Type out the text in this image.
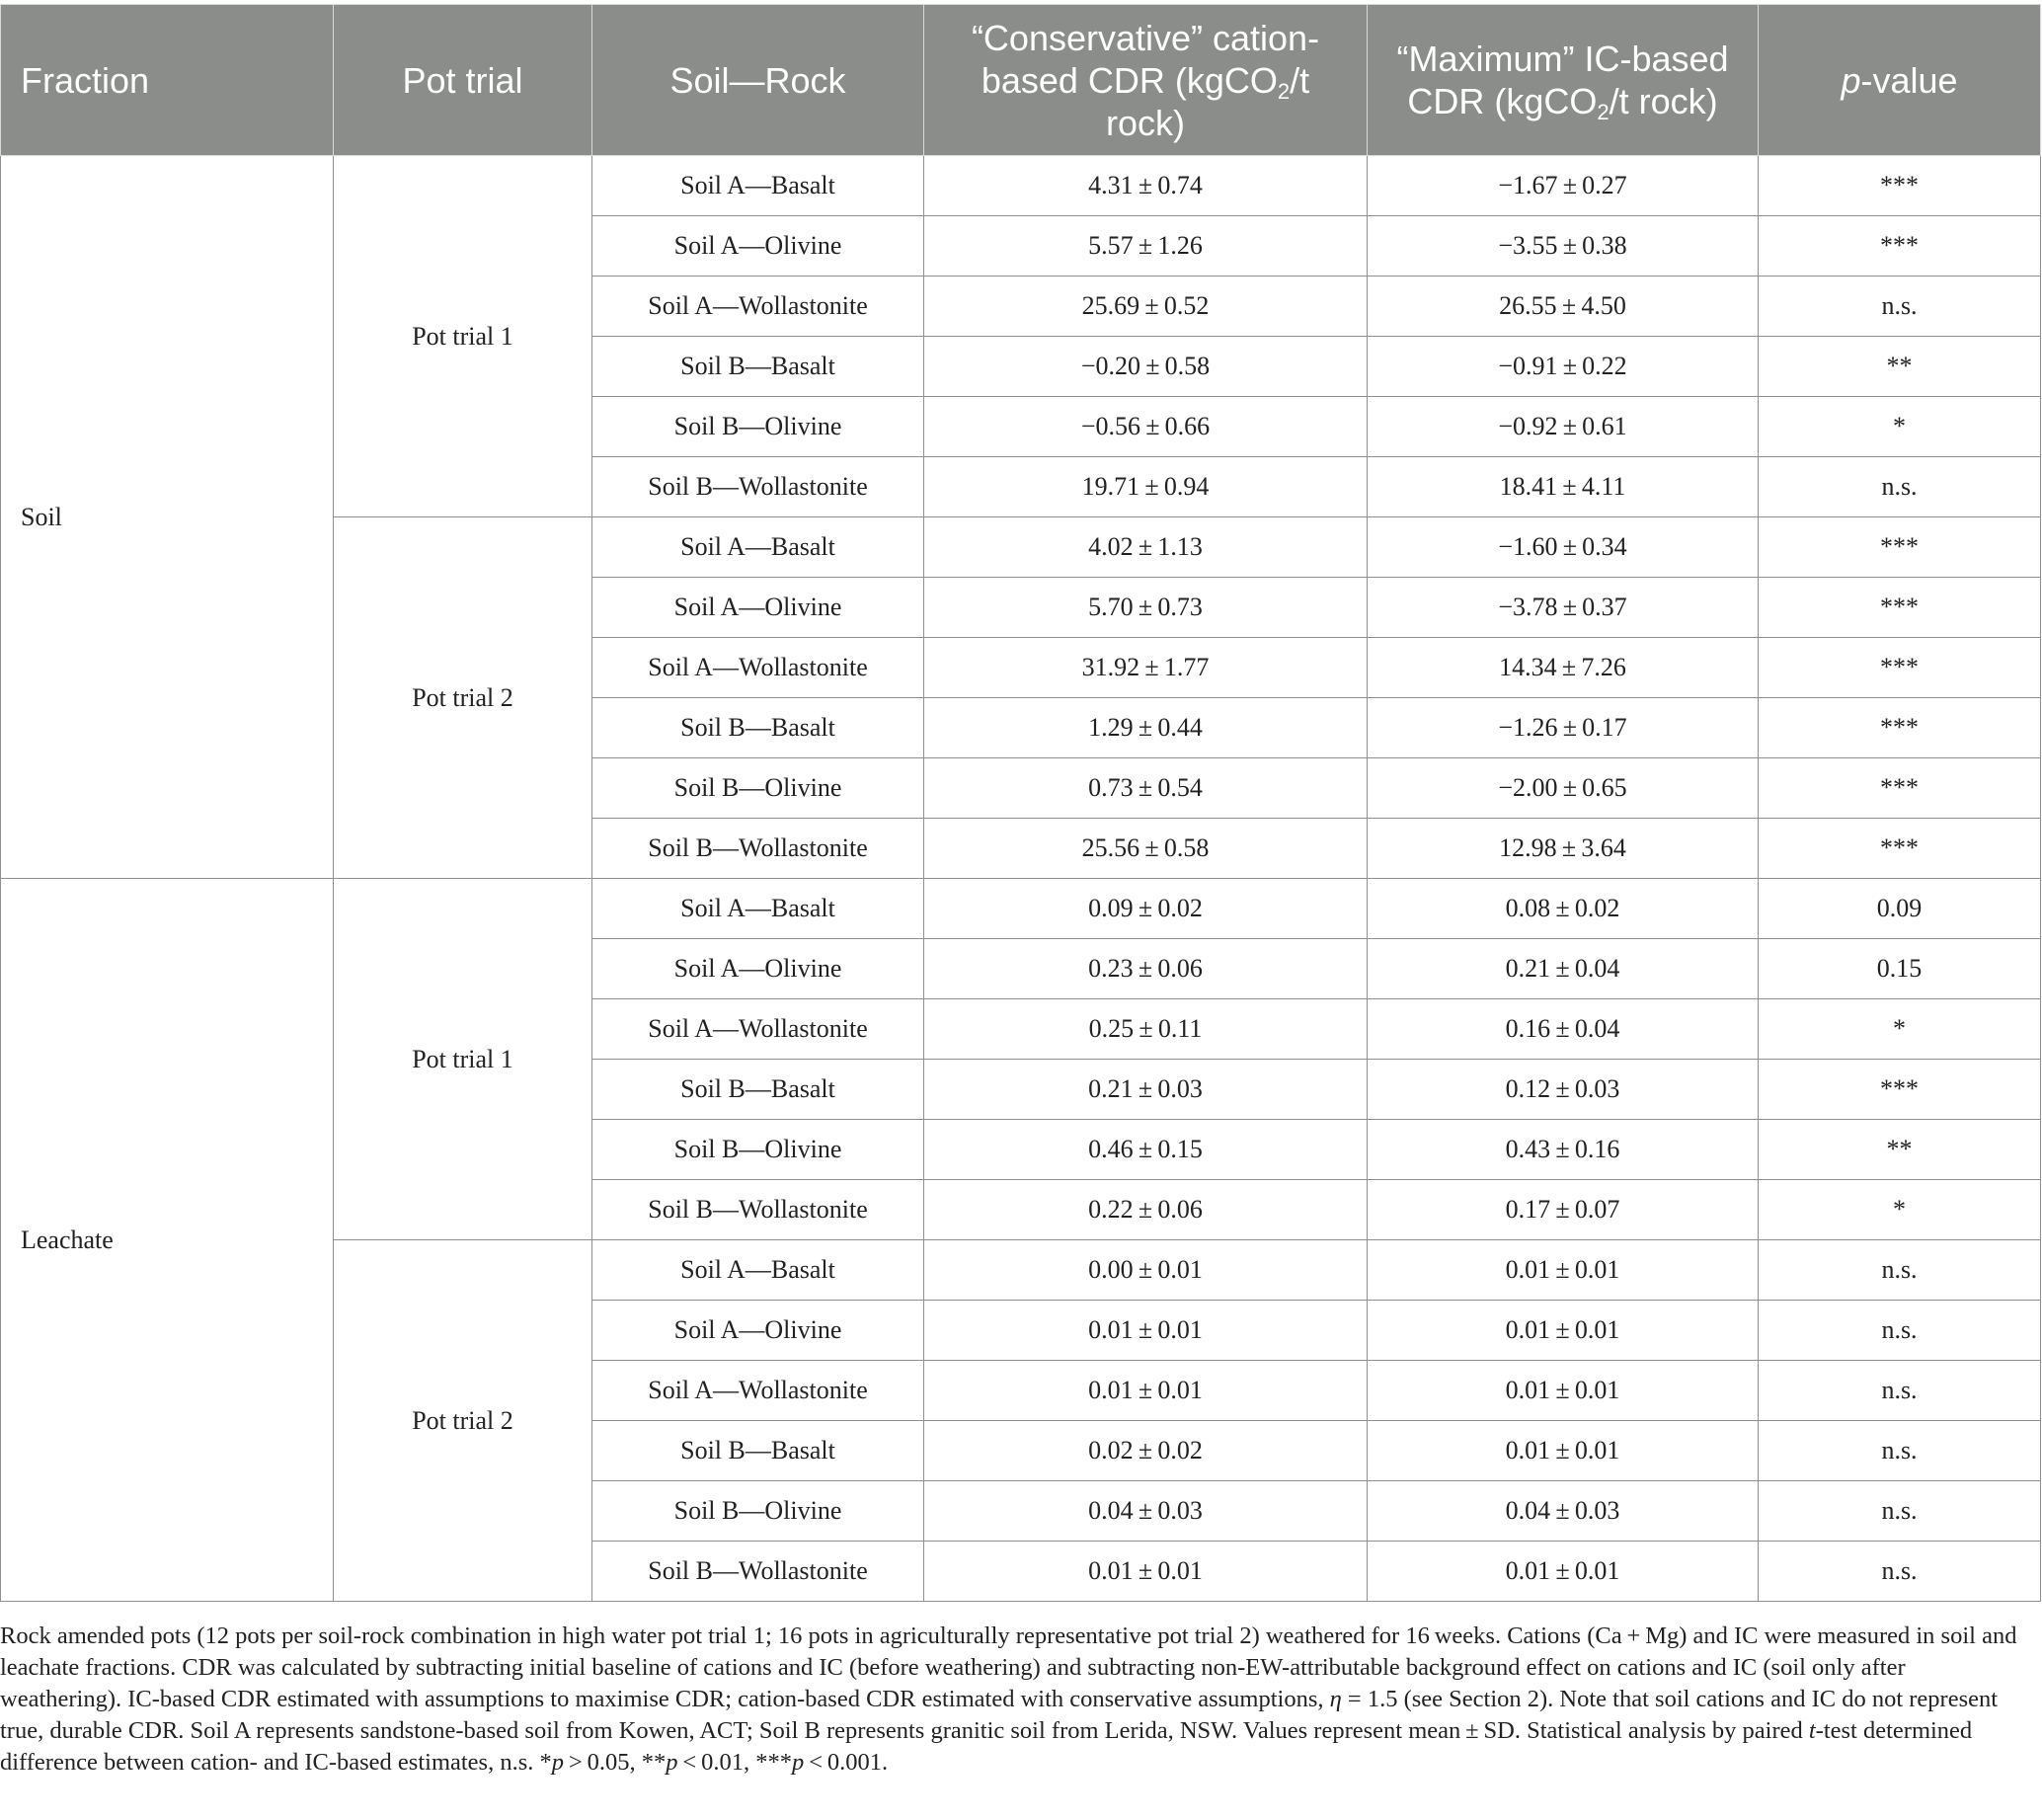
Fraction	Pot trial	Soil—Rock	“Conservative” cation-based CDR (kgCO$_2$/t rock)	“Maximum” IC-based CDR (kgCO$_2$/t rock)	p-value
Soil	Pot trial 1	Soil A—Basalt	4.31 ± 0.74	−1.67 ± 0.27	***
		Soil A—Olivine	5.57 ± 1.26	−3.55 ± 0.38	***
		Soil A—Wollastonite	25.69 ± 0.52	26.55 ± 4.50	n.s.
		Soil B—Basalt	−0.20 ± 0.58	−0.91 ± 0.22	**
		Soil B—Olivine	−0.56 ± 0.66	−0.92 ± 0.61	*
		Soil B—Wollastonite	19.71 ± 0.94	18.41 ± 4.11	n.s.
	Pot trial 2	Soil A—Basalt	4.02 ± 1.13	−1.60 ± 0.34	***
		Soil A—Olivine	5.70 ± 0.73	−3.78 ± 0.37	***
		Soil A—Wollastonite	31.92 ± 1.77	14.34 ± 7.26	***
		Soil B—Basalt	1.29 ± 0.44	−1.26 ± 0.17	***
		Soil B—Olivine	0.73 ± 0.54	−2.00 ± 0.65	***
		Soil B—Wollastonite	25.56 ± 0.58	12.98 ± 3.64	***
Leachate	Pot trial 1	Soil A—Basalt	0.09 ± 0.02	0.08 ± 0.02	0.09
		Soil A—Olivine	0.23 ± 0.06	0.21 ± 0.04	0.15
		Soil A—Wollastonite	0.25 ± 0.11	0.16 ± 0.04	*
		Soil B—Basalt	0.21 ± 0.03	0.12 ± 0.03	***
		Soil B—Olivine	0.46 ± 0.15	0.43 ± 0.16	**
		Soil B—Wollastonite	0.22 ± 0.06	0.17 ± 0.07	*
	Pot trial 2	Soil A—Basalt	0.00 ± 0.01	0.01 ± 0.01	n.s.
		Soil A—Olivine	0.01 ± 0.01	0.01 ± 0.01	n.s.
		Soil A—Wollastonite	0.01 ± 0.01	0.01 ± 0.01	n.s.
		Soil B—Basalt	0.02 ± 0.02	0.01 ± 0.01	n.s.
		Soil B—Olivine	0.04 ± 0.03	0.04 ± 0.03	n.s.
		Soil B—Wollastonite	0.01 ± 0.01	0.01 ± 0.01	n.s.

Rock amended pots (12 pots per soil-rock combination in high water pot trial 1; 16 pots in agriculturally representative pot trial 2) weathered for 16 weeks. Cations (Ca + Mg) and IC were measured in soil and leachate fractions. CDR was calculated by subtracting initial baseline of cations and IC (before weathering) and subtracting non-EW-attributable background effect on cations and IC (soil only after weathering). IC-based CDR estimated with assumptions to maximise CDR; cation-based CDR estimated with conservative assumptions, η = 1.5 (see Section 2). Note that soil cations and IC do not represent true, durable CDR. Soil A represents sandstone-based soil from Kowen, ACT; Soil B represents granitic soil from Lerida, NSW. Values represent mean ± SD. Statistical analysis by paired t-test determined difference between cation- and IC-based estimates, n.s. *p > 0.05, **p < 0.01, ***p < 0.001.
